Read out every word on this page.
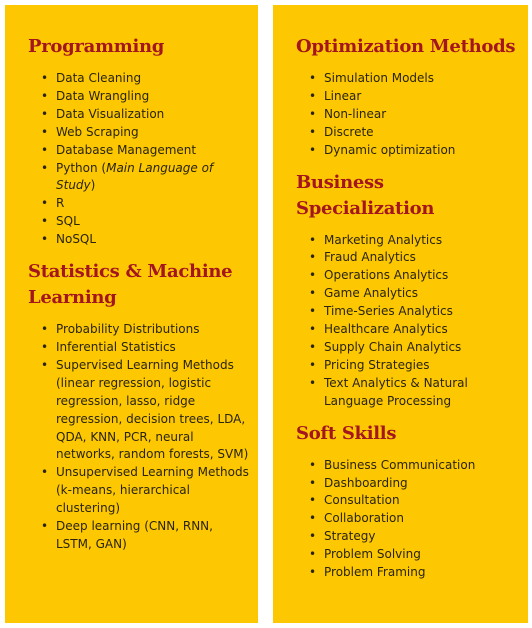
Programming
• Data Cleaning
• Data Wrangling
• Data Visualization
• Web Scraping
• Database Management
• Python (Main Language of Study)
• R
• SQL
• NoSQL
Statistics & Machine Learning
• Probability Distributions
• Inferential Statistics
• Supervised Learning Methods (linear regression, logistic regression, lasso, ridge regression, decision trees, LDA, QDA, KNN, PCR, neural networks, random forests, SVM)
• Unsupervised Learning Methods (k-means, hierarchical clustering)
• Deep learning (CNN, RNN, LSTM, GAN)
Optimization Methods
• Simulation Models
• Linear
• Non-linear
• Discrete
• Dynamic optimization
Business Specialization
• Marketing Analytics
• Fraud Analytics
• Operations Analytics
• Game Analytics
• Time-Series Analytics
• Healthcare Analytics
• Supply Chain Analytics
• Pricing Strategies
• Text Analytics & Natural Language Processing
Soft Skills
• Business Communication
• Dashboarding
• Consultation
• Collaboration
• Strategy
• Problem Solving
• Problem Framing
